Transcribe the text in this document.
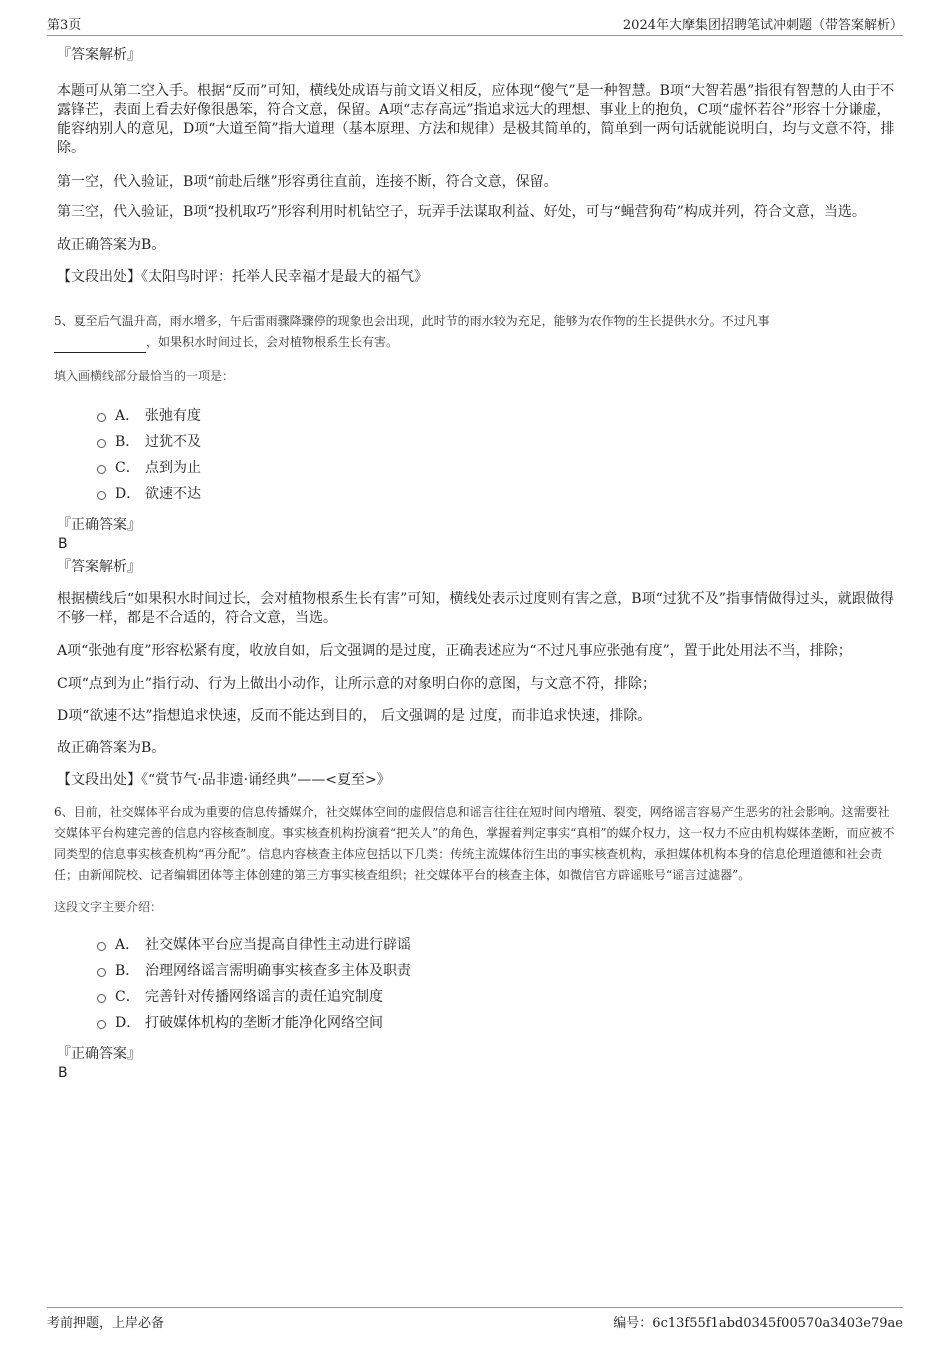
第3页	2024年大摩集团招聘笔试冲刺题（带答案解析）

『答案解析』

本题可从第二空入手。根据“反而”可知，横线处成语与前文语义相反，应体现“傻气”是一种智慧。B项“大智若愚”指很有智慧的人由于不露锋芒，表面上看去好像很愚笨，符合文意，保留。A项“志存高远”指追求远大的理想、事业上的抱负，C项“虚怀若谷”形容十分谦虚，能容纳别人的意见，D项“大道至简”指大道理（基本原理、方法和规律）是极其简单的，简单到一两句话就能说明白，均与文意不符，排除。

第一空，代入验证，B项“前赴后继”形容勇往直前，连接不断，符合文意，保留。

第三空，代入验证，B项“投机取巧”形容利用时机钻空子，玩弄手法谋取利益、好处，可与“蝇营狗苟”构成并列，符合文意，当选。

故正确答案为B。

【文段出处】《太阳鸟时评：托举人民幸福才是最大的福气》

5、夏至后气温升高，雨水增多，午后雷雨骤降骤停的现象也会出现，此时节的雨水较为充足，能够为农作物的生长提供水分。不过凡事
，如果积水时间过长，会对植物根系生长有害。

填入画横线部分最恰当的一项是：

A． 张弛有度
B． 过犹不及
C． 点到为止
D． 欲速不达

『正确答案』

B

『答案解析』

根据横线后“如果积水时间过长，会对植物根系生长有害”可知，横线处表示过度则有害之意，B项“过犹不及”指事情做得过头，就跟做得不够一样，都是不合适的，符合文意，当选。

A项“张弛有度”形容松紧有度，收放自如，后文强调的是过度，正确表述应为“不过凡事应张弛有度”，置于此处用法不当，排除；

C项“点到为止”指行动、行为上做出小动作，让所示意的对象明白你的意图，与文意不符，排除；

D项“欲速不达”指想追求快速，反而不能达到目的， 后文强调的是 过度，而非追求快速，排除。

故正确答案为B。

【文段出处】《“赏节气·品非遗·诵经典”——<夏至>》

6、目前，社交媒体平台成为重要的信息传播媒介，社交媒体空间的虚假信息和谣言往往在短时间内增殖、裂变，网络谣言容易产生恶劣的社会影响。这需要社交媒体平台构建完善的信息内容核查制度。事实核查机构扮演着“把关人”的角色，掌握着判定事实“真相”的媒介权力，这一权力不应由机构媒体垄断，而应被不同类型的信息事实核查机构“再分配”。信息内容核查主体应包括以下几类：传统主流媒体衍生出的事实核查机构，承担媒体机构本身的信息伦理道德和社会责任；由新闻院校、记者编辑团体等主体创建的第三方事实核查组织；社交媒体平台的核查主体，如微信官方辟谣账号“谣言过滤器”。

这段文字主要介绍：

A． 社交媒体平台应当提高自律性主动进行辟谣
B． 治理网络谣言需明确事实核查多主体及职责
C． 完善针对传播网络谣言的责任追究制度
D． 打破媒体机构的垄断才能净化网络空间

『正确答案』

B

考前押题，上岸必备	编号：6c13f55f1abd0345f00570a3403e79ae
